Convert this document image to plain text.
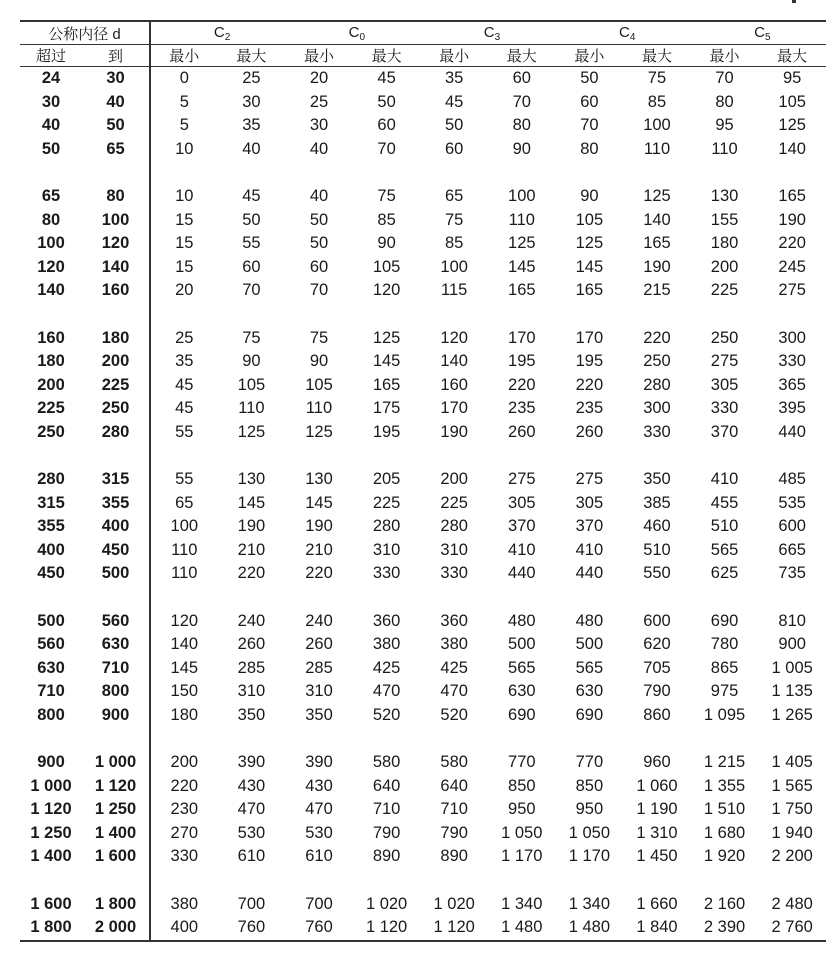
公称内径 d		$C_2$		$C_0$		$C_3$		$C_4$		$C_5$
超过	到	最小	最大	最小	最大	最小	最大	最小	最大	最小	最大
24	30	0	25	20	45	35	60	50	75	70	95
30	40	5	30	25	50	45	70	60	85	80	105
40	50	5	35	30	60	50	80	70	100	95	125
50	65	10	40	40	70	60	90	80	110	110	140

65	80	10	45	40	75	65	100	90	125	130	165
80	100	15	50	50	85	75	110	105	140	155	190
100	120	15	55	50	90	85	125	125	165	180	220
120	140	15	60	60	105	100	145	145	190	200	245
140	160	20	70	70	120	115	165	165	215	225	275

160	180	25	75	75	125	120	170	170	220	250	300
180	200	35	90	90	145	140	195	195	250	275	330
200	225	45	105	105	165	160	220	220	280	305	365
225	250	45	110	110	175	170	235	235	300	330	395
250	280	55	125	125	195	190	260	260	330	370	440

280	315	55	130	130	205	200	275	275	350	410	485
315	355	65	145	145	225	225	305	305	385	455	535
355	400	100	190	190	280	280	370	370	460	510	600
400	450	110	210	210	310	310	410	410	510	565	665
450	500	110	220	220	330	330	440	440	550	625	735

500	560	120	240	240	360	360	480	480	600	690	810
560	630	140	260	260	380	380	500	500	620	780	900
630	710	145	285	285	425	425	565	565	705	865	1 005
710	800	150	310	310	470	470	630	630	790	975	1 135
800	900	180	350	350	520	520	690	690	860	1 095	1 265

900	1 000	200	390	390	580	580	770	770	960	1 215	1 405
1 000	1 120	220	430	430	640	640	850	850	1 060	1 355	1 565
1 120	1 250	230	470	470	710	710	950	950	1 190	1 510	1 750
1 250	1 400	270	530	530	790	790	1 050	1 050	1 310	1 680	1 940
1 400	1 600	330	610	610	890	890	1 170	1 170	1 450	1 920	2 200

1 600	1 800	380	700	700	1 020	1 020	1 340	1 340	1 660	2 160	2 480
1 800	2 000	400	760	760	1 120	1 120	1 480	1 480	1 840	2 390	2 760
